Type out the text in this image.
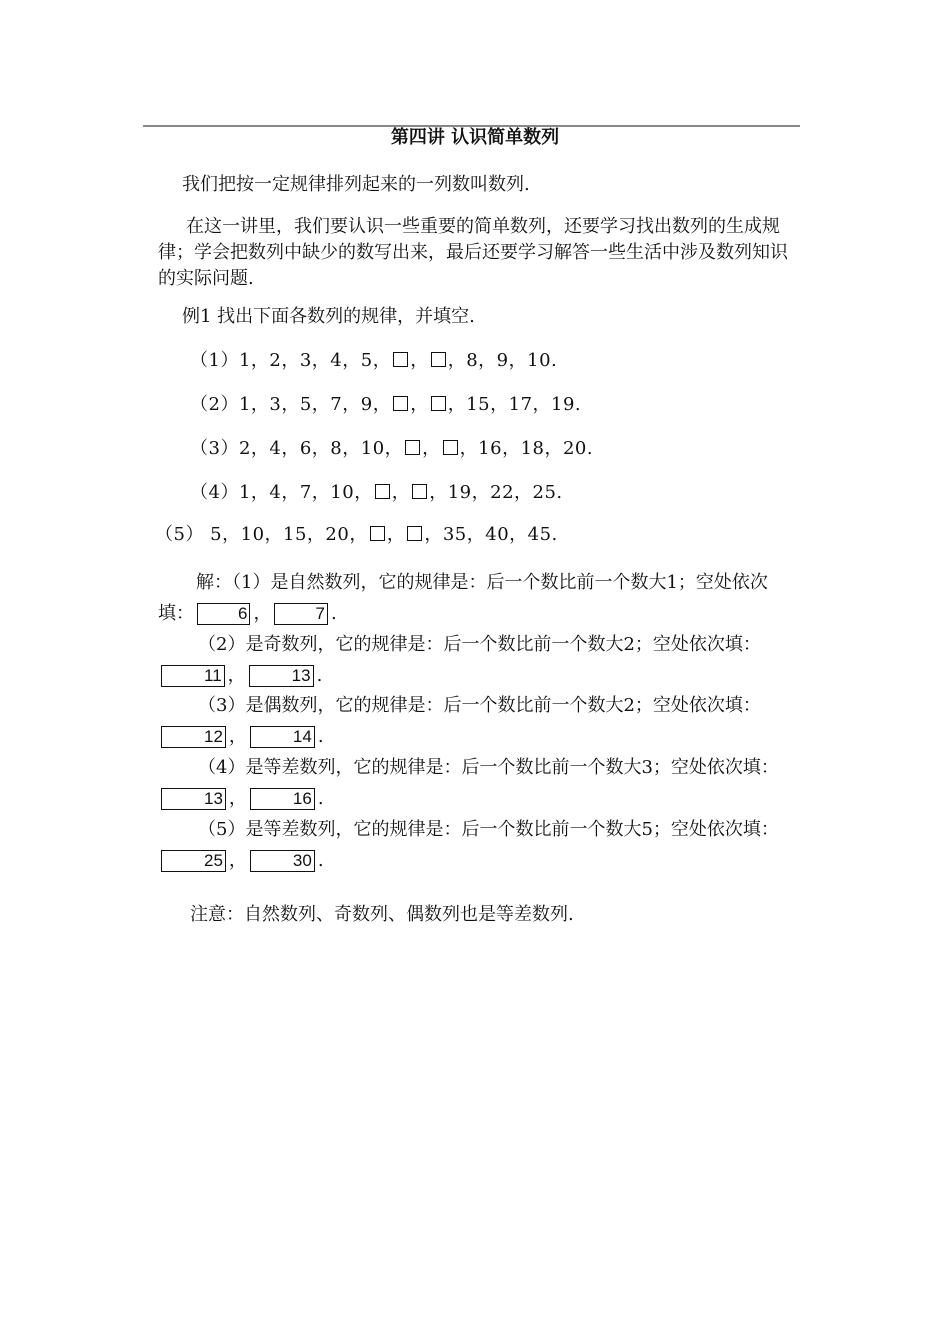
第四讲 认识简单数列
我们把按一定规律排列起来的一列数叫数列.
在这一讲里，我们要认识一些重要的简单数列，还要学习找出数列的生成规律；学会把数列中缺少的数写出来，最后还要学习解答一些生活中涉及数列知识的实际问题.
例1 找出下面各数列的规律，并填空.
（1）1，2，3，4，5， ， ，8，9，10.
（2）1，3，5，7，9， ， ，15，17，19.
（3）2，4，6，8，10， ， ，16，18，20.
（4）1，4，7，10， ， ，19，22，25.
（5） 5，10，15，20， ， ，35，40，45.
解：（1）是自然数列，它的规律是：后一个数比前一个数大1；空处依次填：	6 ，	7 .
（2）是奇数列，它的规律是：后一个数比前一个数大2；空处依次填：11 ，	13 .
（3）是偶数列，它的规律是：后一个数比前一个数大2；空处依次填：12 ，	14 .
（4）是等差数列，它的规律是：后一个数比前一个数大3；空处依次填：13 ，	16 .
（5）是等差数列，它的规律是：后一个数比前一个数大5；空处依次填：25 ，	30 .
注意：自然数列、奇数列、偶数列也是等差数列.
